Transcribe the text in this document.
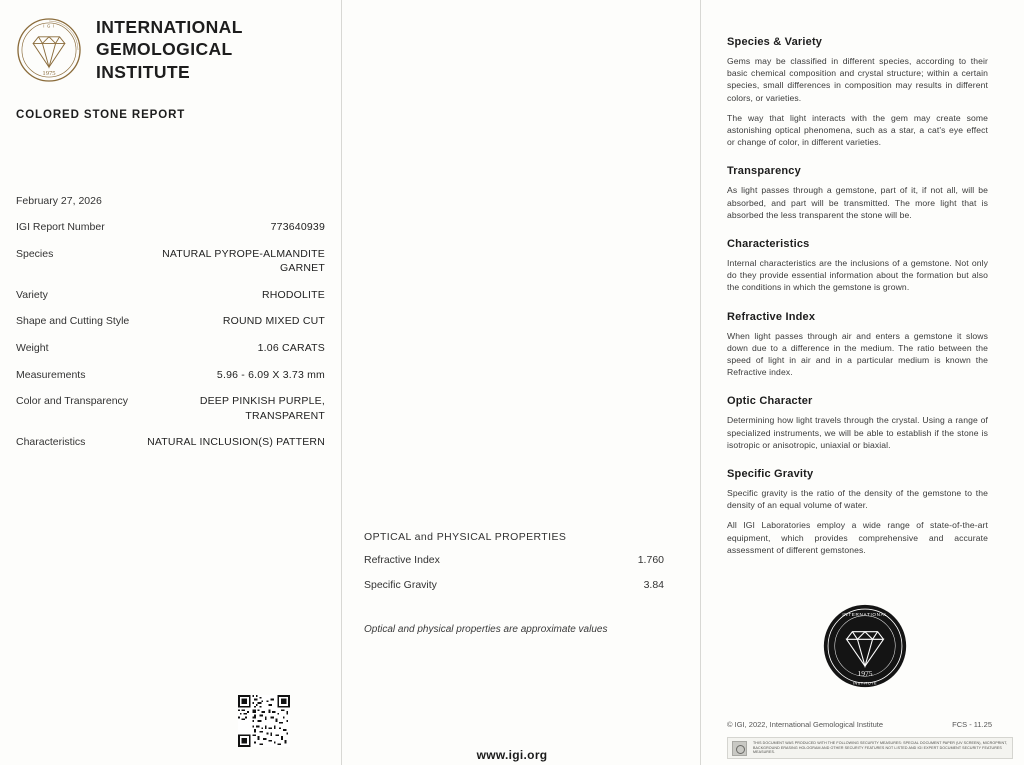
1975
I G I INTERNATIONAL
GEMOLOGICAL
INSTITUTE
COLORED STONE REPORT
February 27, 2026
IGI Report Number	773640939
Species	NATURAL PYROPE-ALMANDITE GARNET
Variety	RHODOLITE
Shape and Cutting Style	ROUND MIXED CUT
Weight	1.06 CARATS
Measurements	5.96 - 6.09 X 3.73 mm
Color and Transparency	DEEP PINKISH PURPLE, TRANSPARENT
Characteristics	NATURAL INCLUSION(S) PATTERN
OPTICAL and PHYSICAL PROPERTIES
Refractive Index	1.760
Specific Gravity	3.84
Optical and physical properties are approximate values
www.igi.org
Species & Variety

Gems may be classified in different species, according to their basic chemical composition and crystal structure; within a certain species, small differences in composition may results in different colors, or varieties.

The way that light interacts with the gem may create some astonishing optical phenomena, such as a star, a cat's eye effect or change of color, in different varieties.

Transparency

As light passes through a gemstone, part of it, if not all, will be absorbed, and part will be transmitted. The more light that is absorbed the less transparent the stone will be.

Characteristics

Internal characteristics are the inclusions of a gemstone. Not only do they provide essential information about the formation but also the conditions in which the gemstone is grown.

Refractive Index

When light passes through air and enters a gemstone it slows down due to a difference in the medium. The ratio between the speed of light in air and in a particular medium is known the Refractive index.

Optic Character

Determining how light travels through the crystal. Using a range of specialized instruments, we will be able to establish if the stone is isotropic or anisotropic, uniaxial or biaxial.

Specific Gravity

Specific gravity is the ratio of the density of the gemstone to the density of an equal volume of water.

All IGI Laboratories employ a wide range of state-of-the-art equipment, which provides comprehensive and accurate assessment of different gemstones.

1975
INTERNATIONAL
INSTITUTE
© IGI, 2022, International Gemological Institute	FCS - 11.25
THIS DOCUMENT WAS PRODUCED WITH THE FOLLOWING SECURITY MEASURES: SPECIAL DOCUMENT PAPER (UV SCREEN), MICROPRINT, BACKGROUND ERASING HOLOGRAM AND OTHER SECURITY FEATURES NOT LISTED AND IGI EXPERT DOCUMENT SECURITY FEATURES MEASURES.
